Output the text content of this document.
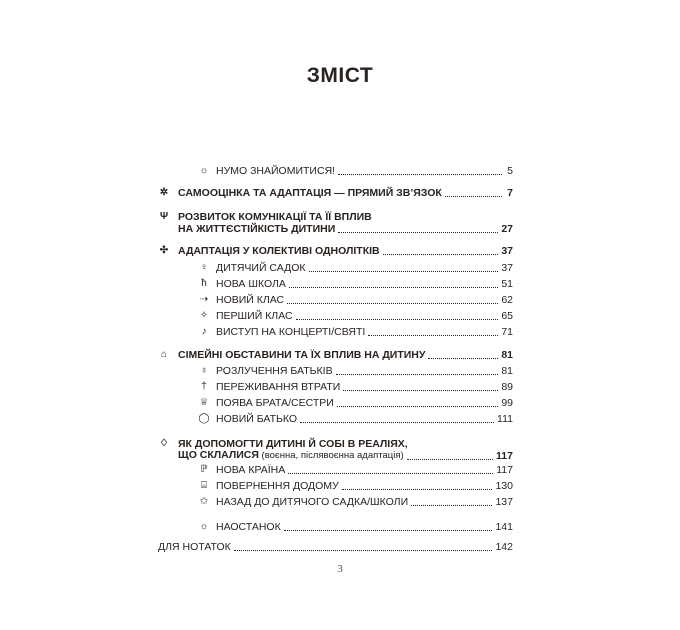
ЗМІСТ
☼ НУМО ЗНАЙОМИТИСЯ!	5
✲ САМООЦІНКА ТА АДАПТАЦІЯ — ПРЯМИЙ ЗВ’ЯЗОК	7
Ψ РОЗВИТОК КОМУНІКАЦІЇ ТА ЇЇ ВПЛИВ
НА ЖИТТЄСТІЙКІСТЬ ДИТИНИ	27
✣ АДАПТАЦІЯ У КОЛЕКТИВІ ОДНОЛІТКІВ	37
♀ ДИТЯЧИЙ САДОК	37
ћ НОВА ШКОЛА	51
⇢ НОВИЙ КЛАС	62
✧ ПЕРШИЙ КЛАС	65
♪ ВИСТУП НА КОНЦЕРТІ/СВЯТІ	71
⌂ СІМЕЙНІ ОБСТАВИНИ ТА ЇХ ВПЛИВ НА ДИТИНУ	81
♁ РОЗЛУЧЕННЯ БАТЬКІВ	81
† ПЕРЕЖИВАННЯ ВТРАТИ	89
♕ ПОЯВА БРАТА/СЕСТРИ	99
◯ НОВИЙ БАТЬКО	111
♢ ЯК ДОПОМОГТИ ДИТИНІ Й СОБІ В РЕАЛІЯХ,
ЩО СКЛАЛИСЯ (воєнна, післявоєнна адаптація)	117
ℙ НОВА КРАЇНА	117
⌸ ПОВЕРНЕННЯ ДОДОМУ	130
✩ НАЗАД ДО ДИТЯЧОГО САДКА/ШКОЛИ	137
☼ НАОСТАНОК	141
ДЛЯ НОТАТОК	142
3
